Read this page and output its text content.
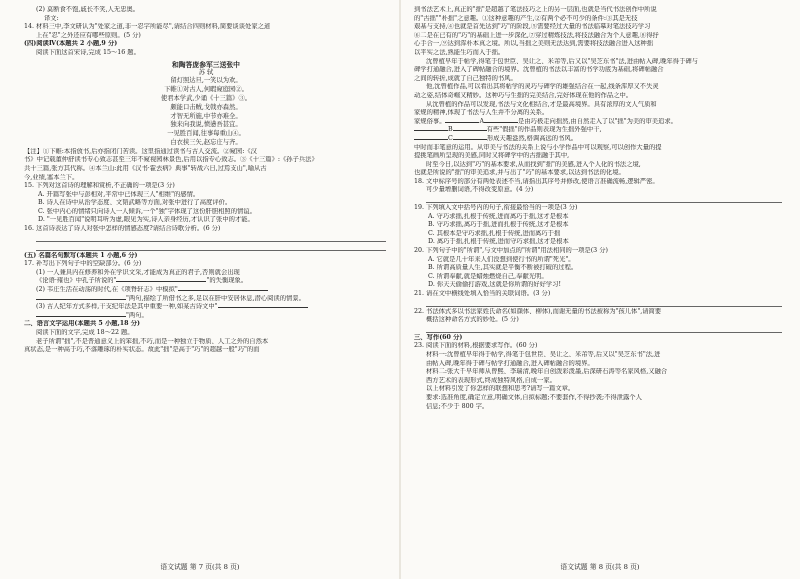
(2) 莫断食不饱,戚长不笑,人无忠奥。
译文:
14. 材料三中,李文研认为"处家之道,非一忍字所能尽",请结合四则材料,简要谈谈处家之道
上在"忍"之外还应有哪些原则。(5 分)
(四)阅读Ⅳ(本题共 2 小题,9 分)
阅读下面这首宋诗,完成 15～16 题。
和陶答庞参军三送张中
苏 轼
留灯照达旦,一笑以为欢。
下帷①对古人,何暇窥庭园②。
使君本学武,少诵《十三篇》③。
颇能口击贼,戈戟亦森然。
才智无所施,中节亦难全。
独来向我说,愤懑吾甚宜。
一见胜百闻,往事每重山④。
白衣挟三矢,赵忘庄与齐。
【注】①下帷:本指放书,后亦指闭门苦读。这里指通过读书与古人交流。②窥园:《汉
书》中记载董仲舒读书专心致志甚至三年不窥视园林景色,后用以指专心致志。③《十三篇》:《孙子兵法》
共十三篇,张方其代称。④本兰山:此用《汉书·霍去病》典事"转战六日,过焉支山",喻从古
今,业绩,塞本兰下。
15. 下列对这首诗的理解和赏析,不正确的一项是(3 分)
A. 开篇写张中与彭相对,平常中已体现三人"相维"的感情。
B. 诗人在诗中从治学态度、文韬武略等方面,对张中进行了高度评价。
C. 张中内心的情绪只向诗人一人倾诉,一个"独"字体现了这份肝胆相照的情谊。
D. "一见胜百闻"说明耳听为虚,眼见为实,诗人亲身经历,才认识了张中的才能。
16. 这首诗表达了诗人对张中怎样的情感态度?请结合诗歌分析。(6 分)
(五) 名篇名句默写(本题共 1 小题,6 分)
17. 补写出下列句子中的空缺部分。(6 分)
(1) 一人兼具内在修养和外在学识文采,才能成为真正的君子,否则就会出现
《论语·雍也》中孔子所说的"	"的失衡现象。
(2) 韦庄生活在动荡的时代,在《项脊轩志》中模拟"
"两句,描绘了所借书之多,足以在肝中安居休息,潜心阅读的情景。
(3) 古人纪年方式多样,干支纪年法是其中重要一种,如某古诗文中"
"两句。
二、语言文字运用(本题共 5 小题,18 分)
阅读下面的文字,完成 18～22 题。
老子所谓"拙",不是普通意义上的笨拙,不巧,而是一种独立于物质、人工之外的自然本
真状态,是一种高于巧,不落雕琢的朴实状态。故此"拙"是高于"巧"的超越一般"巧"的而
语文试题 第 7 页(共 8 页)
到书法艺术上,真正的"拙"是超越了笔法技巧之上的另一层面,也就是当代书法创作中所说
的"古拙""朴拙"之意趣。①这种意趣的产生,②有两个必不可少的条件:③其是无技
艰基与支持,④也就是首先达到"巧"的阶段,⑤需要经过大量的书法临摹对笔法技巧学习
⑥二是在已有的"巧"的基础上进一步深化,⑦穿过精炼技法,将技法融合为个人意趣,⑧得抒
心手合一,⑨达到浑朴本真之境。所以,当拙之美则无法达到,需要将技法融合进入这种拙
以平实之法,熟能生巧而入于拙。
沈曾植早年于帖学,得笔于包世臣、吴让之、米芾等,后又以"吴芝东书"法,进由帖入碑,晚年得于碑与
碑学打通融合,进入了碑帖融合的境界。沈曾植的书法以丰富的书学功底为基础,将碑帖融合
之间的转折,成就了自己独特的书风。
他,沈曾植作品,可以看出其将帖学的灵巧与碑学的雄强结合在一起,线条浑厚又不失灵
动之姿,结体奇崛又精妙。这种巧与生拙的完美结合,完好体现在他的作品之中。
从沈曾植的作品可以发现,书法与文化相结合,才是最高境界。具有浓厚的文人气质和
家规的精神,体现了书法与人生并不分离的关系。
家规俗事。	A	是由巧极走向拙然,由自然走入了以"拙"为美的审美追求。
B	有些"假拙"的作品则表现为生拙外强中干,
C	形成天趣盎然,格调高远的书风。
中时而非笔意的运用。从审美与书法的关系上说与小学作品中可以观察,可以创作大量的提
提挑笔画所呈现的美感,同时又将碑学中的古拙融于其中,
时至今日,以达到"巧"的基本要求,从而找到"拙"的美感,进入个人化的书法之境,
也就是所说的"拙"的审美追求,并与出了"巧"的基本要求,以达到书法的化境。
18. 文中标序号的部分有两处表述不当,请指出其序号并修改,使语言准确流畅,逻辑严密。
可少量增删词语,不得改变原意。(4 分)
19. 下列填入文中括号内的句子,衔接最恰当的一项是(3 分)
A. 守巧求拙,扎根于传统,进而离巧于拙,这才是根本
B. 守巧求拙,离巧于拙,进而扎根于传统,这才是根本
C. 其根本是守巧求拙,扎根于传统,进而离巧于拙
D. 离巧于拙,扎根于传统,进而守巧求拙,这才是根本
20. 下列句子中的"所谓",与文中加点的"所谓"用法相同的一项是(3 分)
A. 它就是几十年来人们没想到使行书的所谓"死光"。
B. 所谓高质量人生,其实就是平衡不断被打破的过程。
C. 所谓奉献,就是蜡烛燃烧自己,奉献光明。
D. 你天天偷偷打游戏,这就是你所谓的好好学习!
21. 请在文中横线处填入恰当的关联词语。(3 分)
22. 书法体式多以书法家姓氏命名(如颜体、柳体),而谢无量的书法被称为"孩儿体",请简要
概括这种命名方式的妙处。(5 分)
三、写作(60 分)
23. 阅读下面的材料,根据要求写作。(60 分)
材料一:沈曾植早年得于帖学,得笔于包世臣、吴让之、米芾等,后又以"吴芝东书"法,进
由帖入碑,晚年得于碑与帖学打通融合,进入碑帖融合的境界。
材料二:张大千早年师从曾熙、李瑞清,晚年自创泼彩泼墨,后深研石涛等名家风格,又融合
西方艺术的表现形式,终成独特风格,自成一家。
以上材料引发了你怎样的联想和思考?请写一篇文章。
要求:选准角度,确定立意,明确文体,自拟标题;不要套作,不得抄袭;不得泄露个人
信息;不少于 800 字。
语文试题 第 8 页(共 8 页)
